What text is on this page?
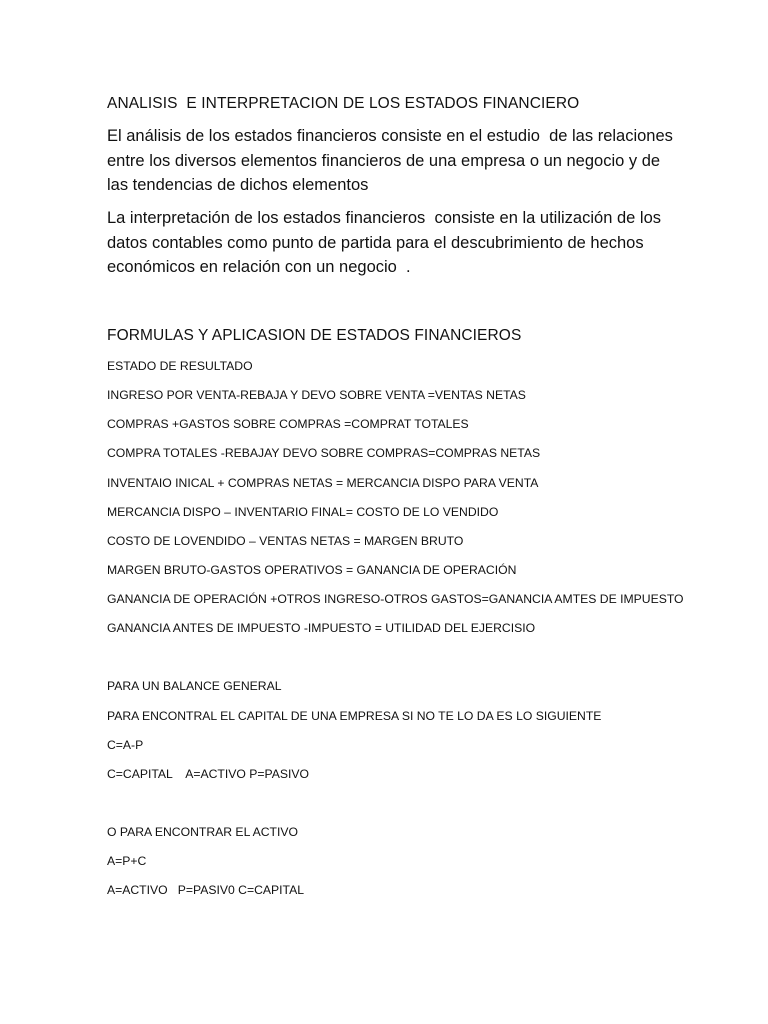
ANALISIS  E INTERPRETACION DE LOS ESTADOS FINANCIERO

El análisis de los estados financieros consiste en el estudio  de las relaciones
entre los diversos elementos financieros de una empresa o un negocio y de
las tendencias de dichos elementos
La interpretación de los estados financieros  consiste en la utilización de los
datos contables como punto de partida para el descubrimiento de hechos
económicos en relación con un negocio  .

FORMULAS Y APLICASION DE ESTADOS FINANCIEROS

ESTADO DE RESULTADO

INGRESO POR VENTA-REBAJA Y DEVO SOBRE VENTA =VENTAS NETAS

COMPRAS +GASTOS SOBRE COMPRAS =COMPRAT TOTALES

COMPRA TOTALES -REBAJAY DEVO SOBRE COMPRAS=COMPRAS NETAS

INVENTAIO INICAL + COMPRAS NETAS = MERCANCIA DISPO PARA VENTA

MERCANCIA DISPO – INVENTARIO FINAL= COSTO DE LO VENDIDO

COSTO DE LOVENDIDO – VENTAS NETAS = MARGEN BRUTO

MARGEN BRUTO-GASTOS OPERATIVOS = GANANCIA DE OPERACIÓN

GANANCIA DE OPERACIÓN +OTROS INGRESO-OTROS GASTOS=GANANCIA AMTES DE IMPUESTO

GANANCIA ANTES DE IMPUESTO -IMPUESTO = UTILIDAD DEL EJERCISIO

PARA UN BALANCE GENERAL

PARA ENCONTRAL EL CAPITAL DE UNA EMPRESA SI NO TE LO DA ES LO SIGUIENTE

C=A-P

C=CAPITAL    A=ACTIVO P=PASIVO

O PARA ENCONTRAR EL ACTIVO

A=P+C

A=ACTIVO   P=PASIV0 C=CAPITAL
